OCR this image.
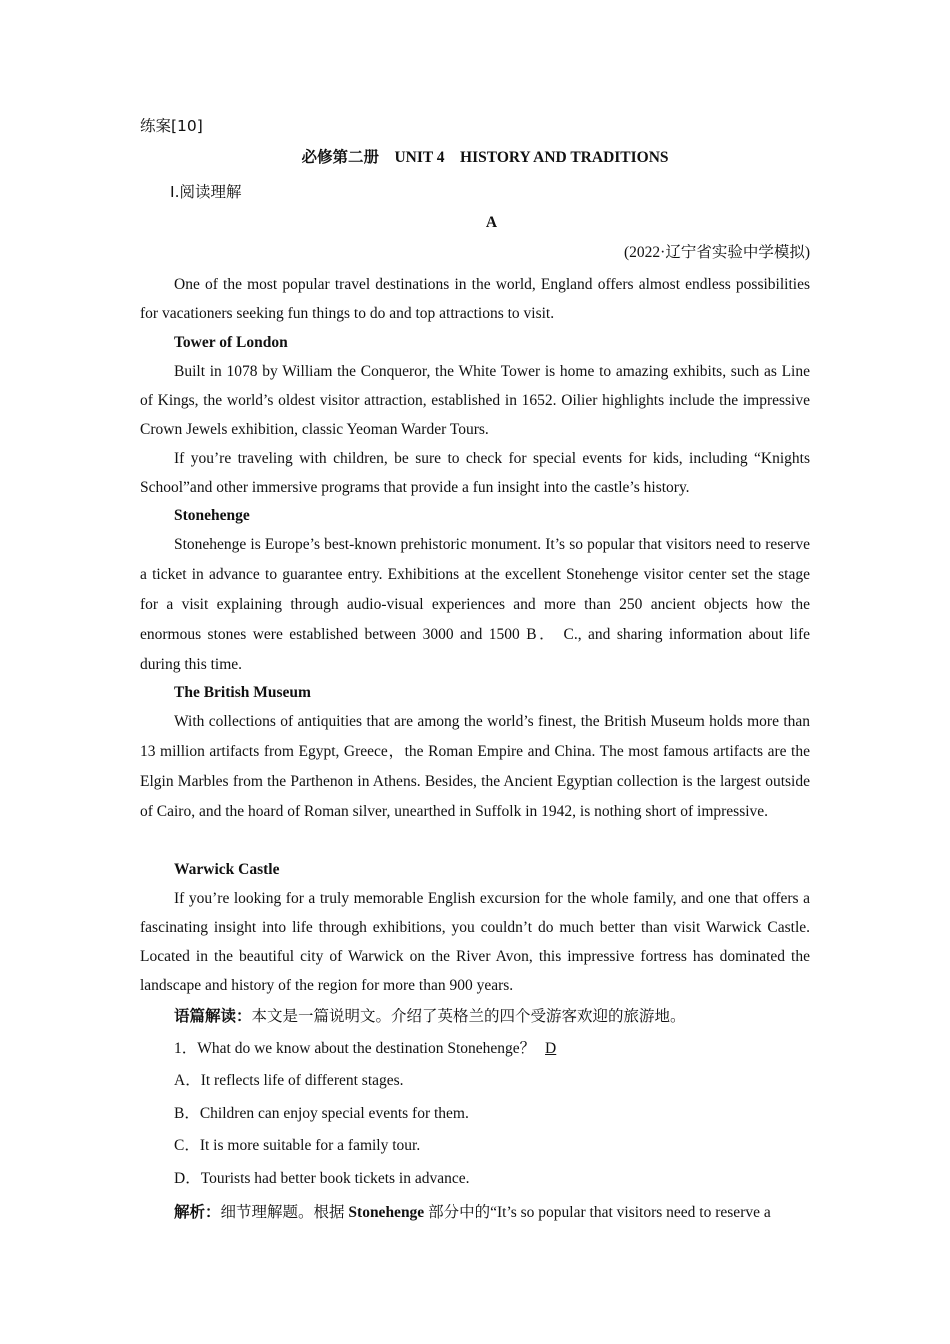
练案[10]
必修第二册　UNIT 4　HISTORY AND TRADITIONS
Ⅰ.阅读理解
A
(2022·辽宁省实验中学模拟)

One of the most popular travel destinations in the world, England offers almost endless possibilities for vacationers seeking fun things to do and top attractions to visit.

Tower of London

Built in 1078 by William the Conqueror, the White Tower is home to amazing exhibits, such as Line of Kings, the world’s oldest visitor attraction, established in 1652. Oilier highlights include the impressive Crown Jewels exhibition, classic Yeoman Warder Tours.

If you’re traveling with children, be sure to check for special events for kids, including “Knights School”and other immersive programs that provide a fun insight into the castle’s history.

Stonehenge

Stonehenge is Europe’s best-known prehistoric monument. It’s so popular that visitors need to reserve a ticket in advance to guarantee entry. Exhibitions at the excellent Stonehenge visitor center set the stage for a visit explaining through audio-visual experiences and more than 250 ancient objects how the enormous stones were established between 3000 and 1500 B． C., and sharing information about life during this time.

The British Museum

With collections of antiquities that are among the world’s finest, the British Museum holds more than 13 million artifacts from Egypt, Greece，the Roman Empire and China. The most famous artifacts are the Elgin Marbles from the Parthenon in Athens. Besides, the Ancient Egyptian collection is the largest outside of Cairo, and the hoard of Roman silver, unearthed in Suffolk in 1942, is nothing short of impressive.

Warwick Castle

If you’re looking for a truly memorable English excursion for the whole family, and one that offers a fascinating insight into life through exhibitions, you couldn’t do much better than visit Warwick Castle. Located in the beautiful city of Warwick on the River Avon, this impressive fortress has dominated the landscape and history of the region for more than 900 years.

语篇解读：本文是一篇说明文。介绍了英格兰的四个受游客欢迎的旅游地。
1．What do we know about the destination Stonehenge？ D
A．It reflects life of different stages.
B．Children can enjoy special events for them.
C．It is more suitable for a family tour.
D．Tourists had better book tickets in advance.
解析：细节理解题。根据 Stonehenge 部分中的“It’s so popular that visitors need to reserve a
